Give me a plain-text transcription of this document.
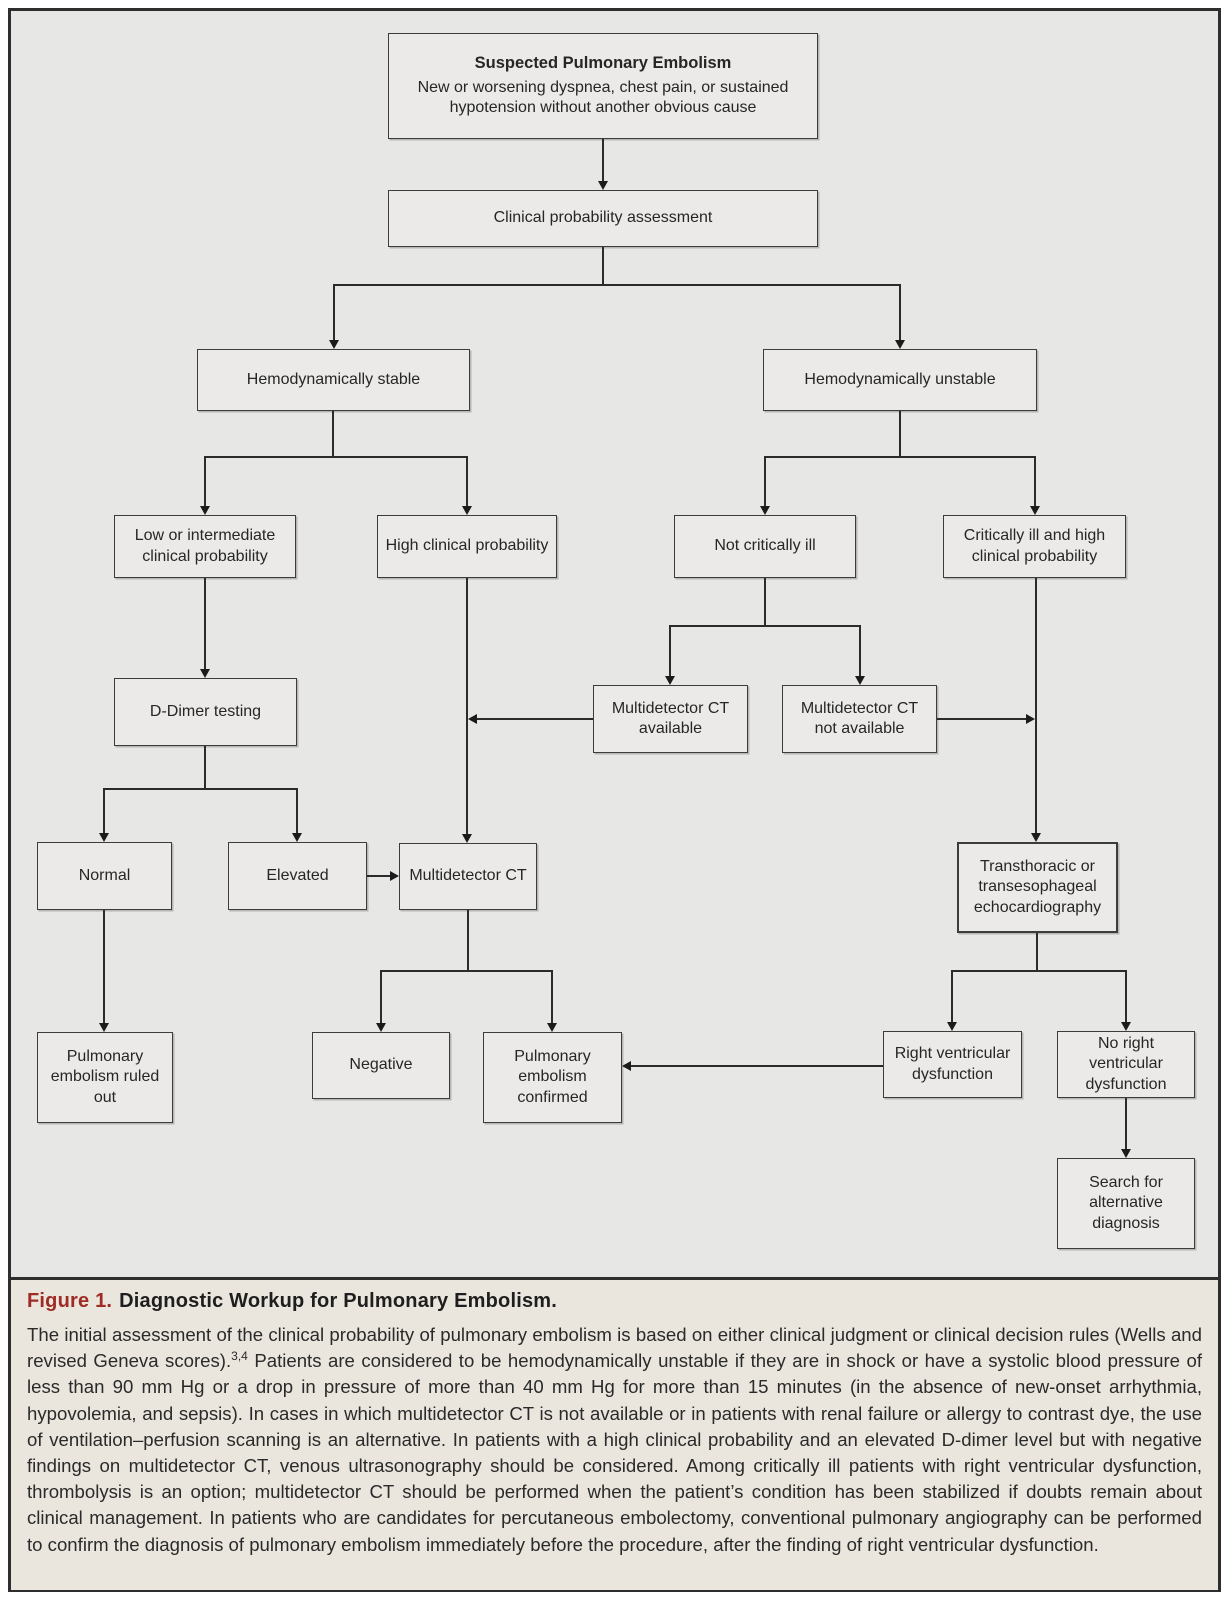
Suspected Pulmonary Embolism
New or worsening dyspnea, chest pain, or sustained hypotension without another obvious cause
Clinical probability assessment
Hemodynamically stable	Hemodynamically unstable
Low or intermediate clinical probability
High clinical probability	Not critically ill
Critically ill and high clinical probability
D-Dimer testing	Multidetector CT available
Multidetector CT not available
Normal	Elevated	Multidetector CT
Transthoracic or transesophageal echocardiography
Pulmonary embolism ruled out
Negative	Pulmonary embolism confirmed
Right ventricular dysfunction
No right ventricular dysfunction
Search for alternative diagnosis
Figure 1. Diagnostic Workup for Pulmonary Embolism.

The initial assessment of the clinical probability of pulmonary embolism is based on either clinical judgment or clinical decision rules (Wells and revised Geneva scores).$^{3,4}$ Patients are considered to be hemodynamically unstable if they are in shock or have a systolic blood pressure of less than 90 mm Hg or a drop in pressure of more than 40 mm Hg for more than 15 minutes (in the absence of new-onset arrhythmia, hypovolemia, and sepsis). In cases in which multidetector CT is not available or in patients with renal failure or allergy to contrast dye, the use of ventilation–perfusion scanning is an alternative. In patients with a high clinical probability and an elevated D-dimer level but with negative findings on multidetector CT, venous ultrasonography should be considered. Among critically ill patients with right ventricular dysfunction, thrombolysis is an option; multidetector CT should be performed when the patient’s condition has been stabilized if doubts remain about clinical management. In patients who are candidates for percutaneous embolectomy, conventional pulmonary angiography can be performed to confirm the diagnosis of pulmonary embolism immediately before the procedure, after the finding of right ventricular dysfunction.
